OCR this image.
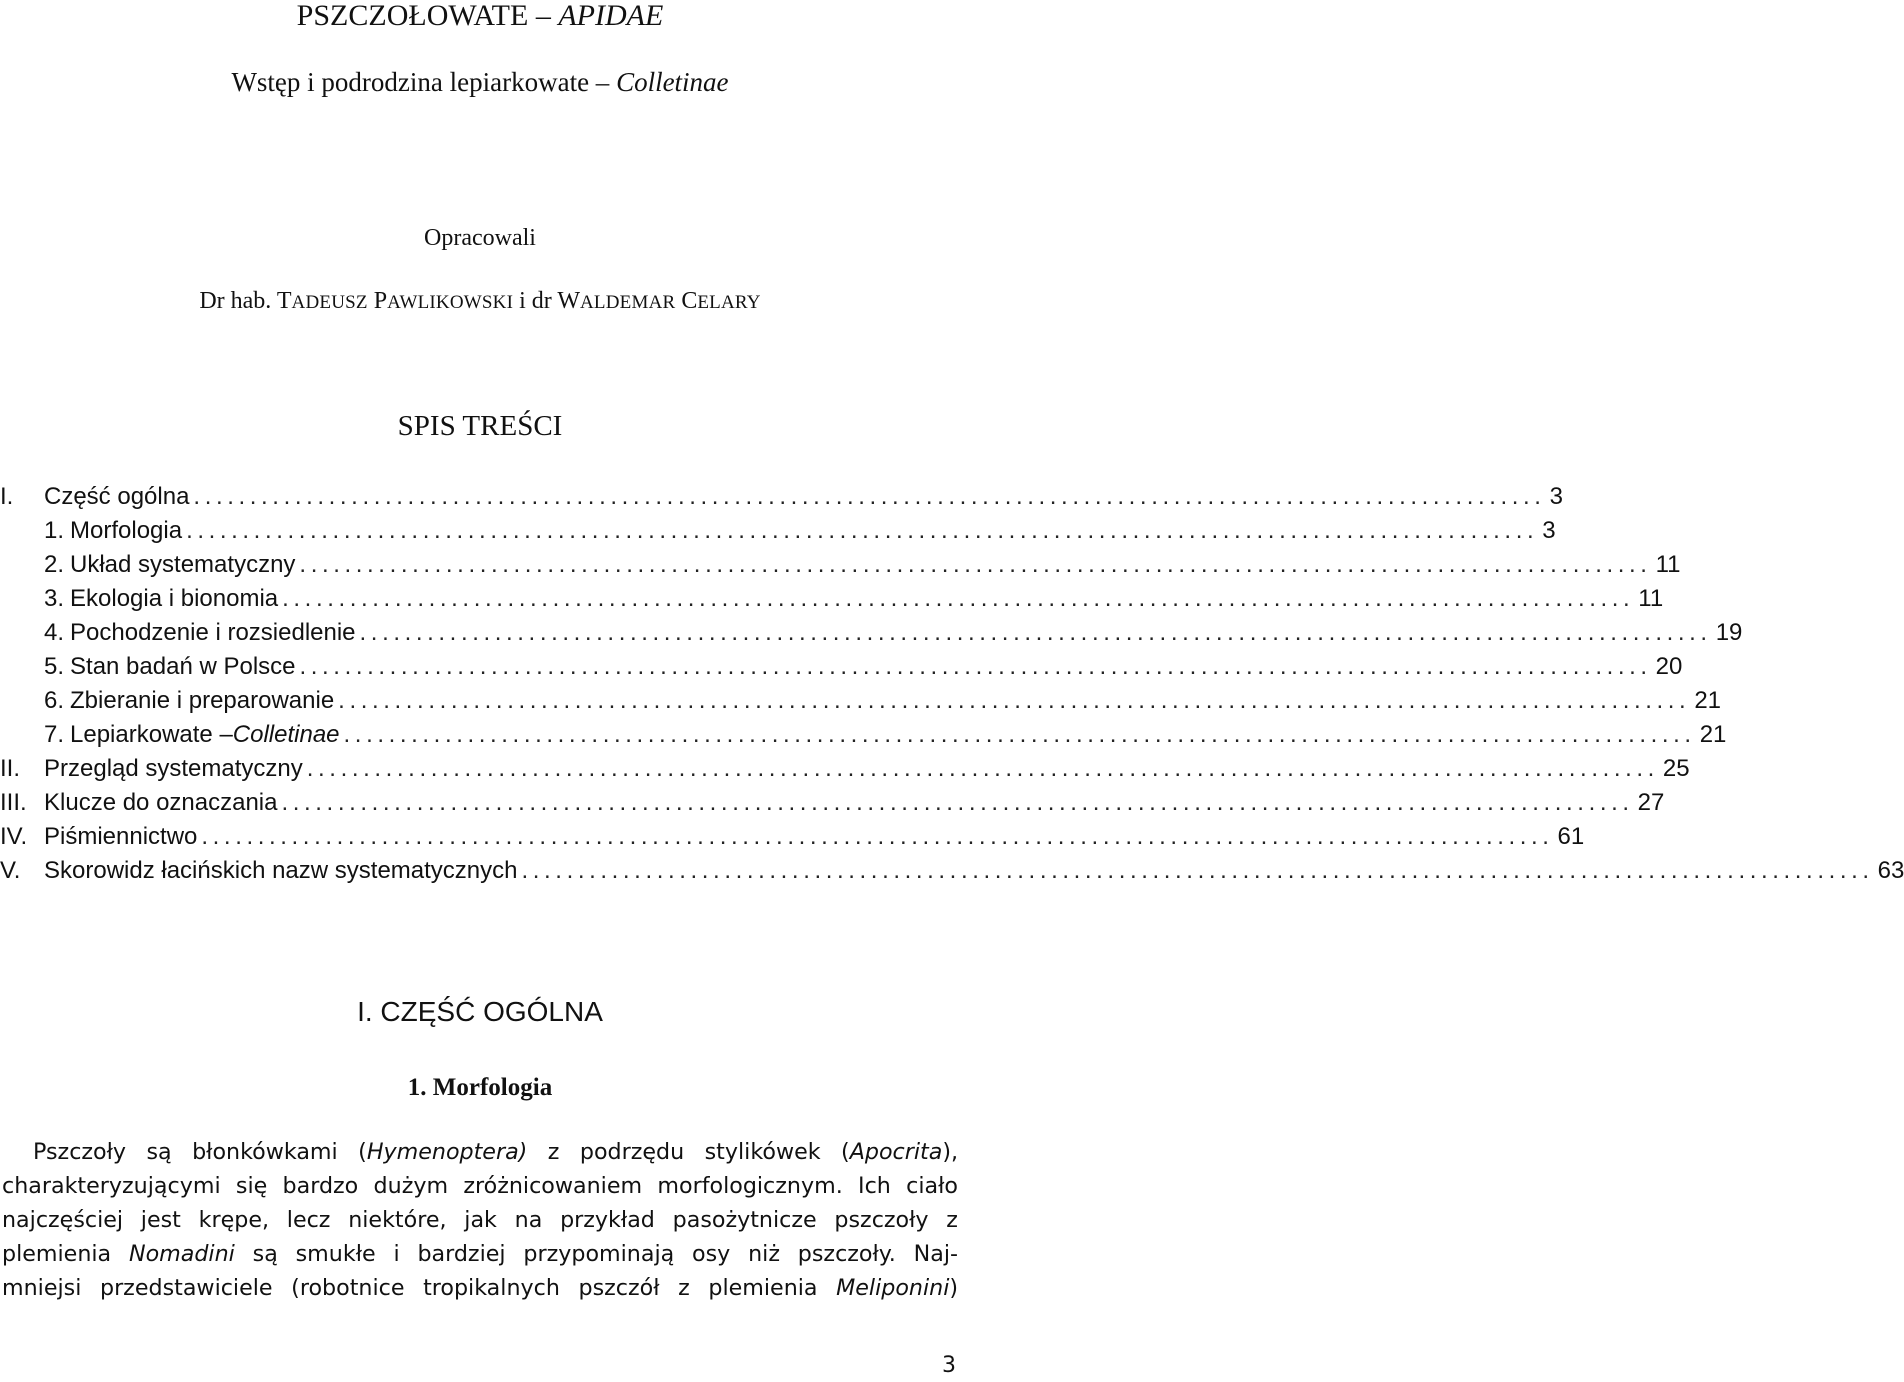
PSZCZOŁOWATE – APIDAE
Wstęp i podrodzina lepiarkowate – Colletinae
Opracowali
Dr hab. TADEUSZ PAWLIKOWSKI i dr WALDEMAR CELARY
SPIS TREŚCI
I.	Część ogólna ........................................................................................................................ 3
1. Morfologia ........................................................................................................................ 3
2. Układ systematyczny ........................................................................................................................ 11
3. Ekologia i bionomia ........................................................................................................................ 11
4. Pochodzenie i rozsiedlenie ........................................................................................................................ 19
5. Stan badań w Polsce ........................................................................................................................ 20
6. Zbieranie i preparowanie ........................................................................................................................ 21
7. Lepiarkowate – Colletinae ........................................................................................................................ 21
II. Przegląd systematyczny ........................................................................................................................ 25
III. Klucze do oznaczania ........................................................................................................................ 27
IV. Piśmiennictwo ........................................................................................................................ 61
V. Skorowidz łacińskich nazw systematycznych ........................................................................................................................ 63
I. CZĘŚĆ OGÓLNA
1. Morfologia
Pszczoły są błonkówkami (Hymenoptera) z podrzędu stylikówek (Apocrita),
charakteryzującymi się bardzo dużym zróżnicowaniem morfologicznym. Ich ciało
najczęściej jest krępe, lecz niektóre, jak na przykład pasożytnicze pszczoły z
plemienia Nomadini są smukłe i bardziej przypominają osy niż pszczoły. Naj-
mniejsi przedstawiciele (robotnice tropikalnych pszczół z plemienia Meliponini)
3
